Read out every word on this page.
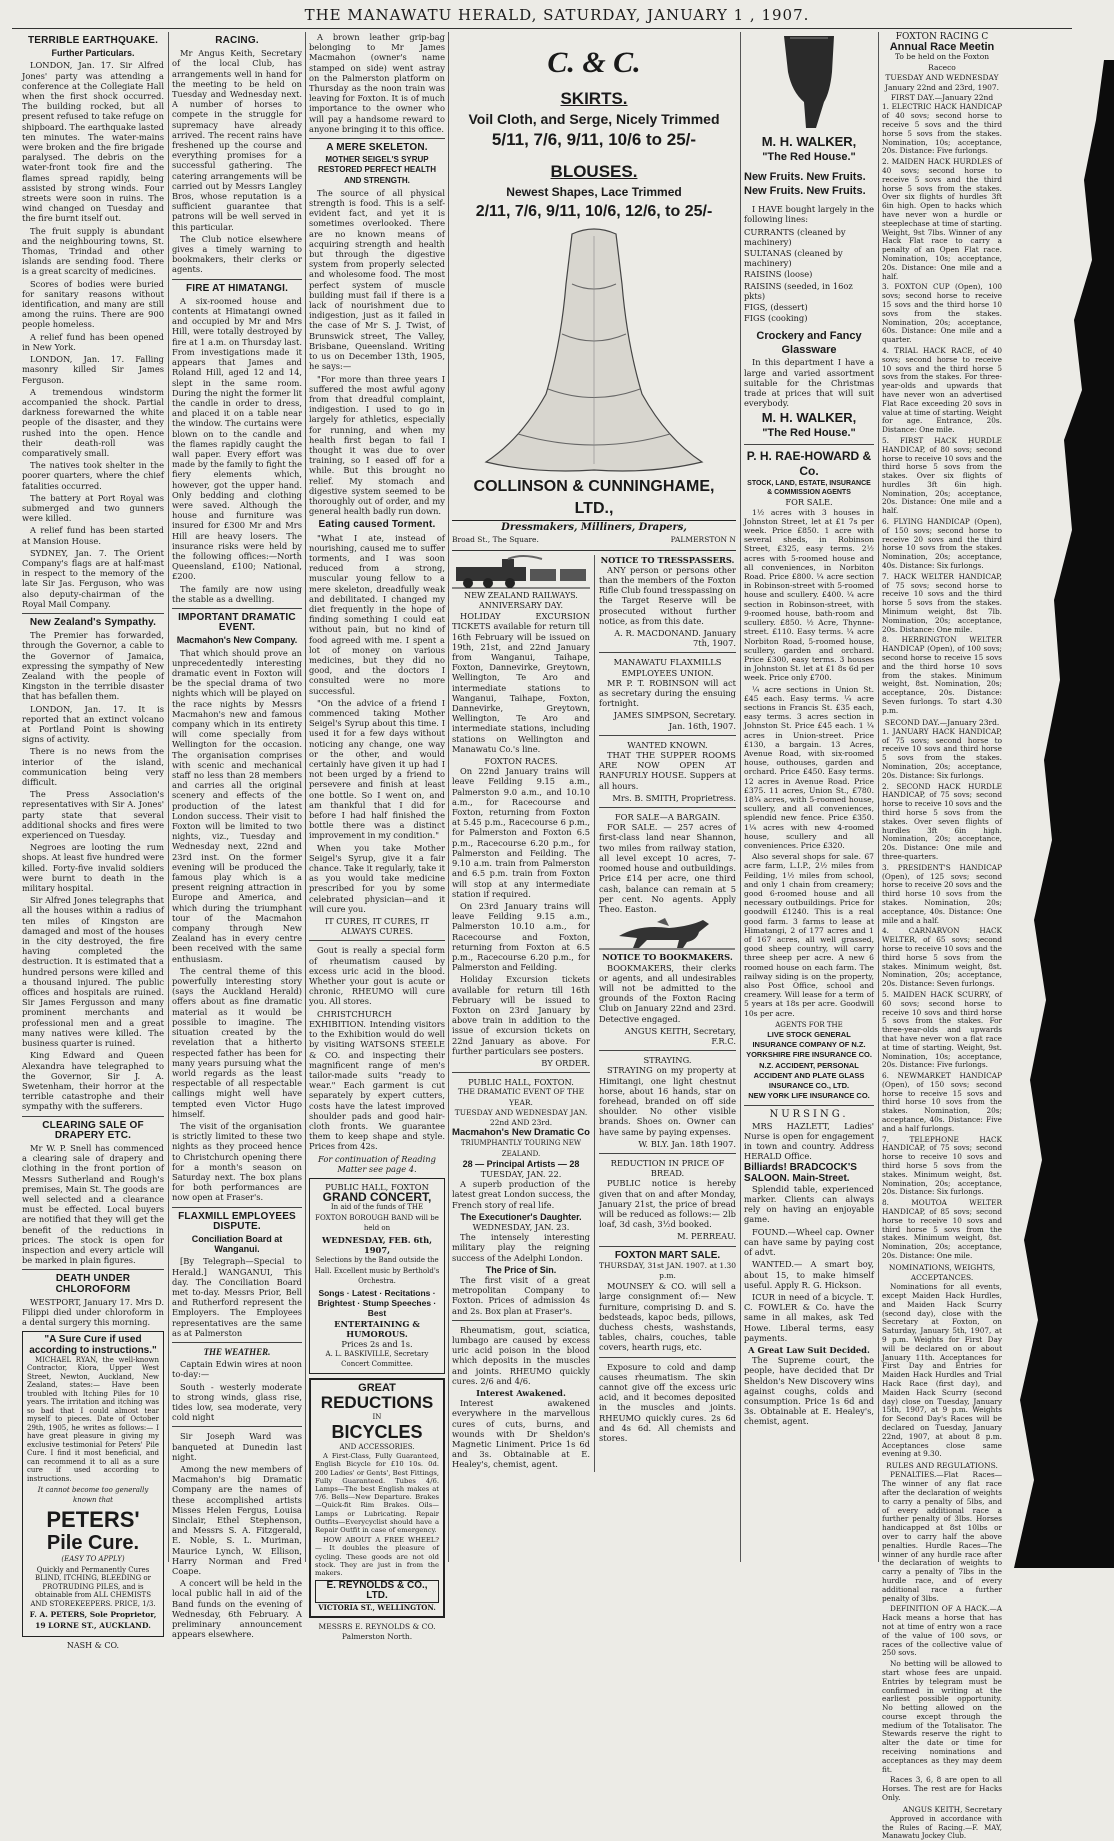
THE MANAWATU HERALD, SATURDAY, JANUARY 1 , 1907.
TERRIBLE EARTHQUAKE.
Further Particulars.

LONDON, Jan. 17. Sir Alfred Jones' party was attending a conference at the Collegiate Hall when the first shock occurred. The building rocked, but all present refused to take refuge on shipboard. The earthquake lasted ten minutes. The water-mains were broken and the fire brigade paralysed. The debris on the water-front took fire and the flames spread rapidly, being assisted by strong winds. Four streets were soon in ruins. The wind changed on Tuesday and the fire burnt itself out.

The fruit supply is abundant and the neighbouring towns, St. Thomas, Trindad and other islands are sending food. There is a great scarcity of medicines.

Scores of bodies were buried for sanitary reasons without identification, and many are still among the ruins. There are 900 people homeless.

A relief fund has been opened in New York.

LONDON, Jan. 17. Falling masonry killed Sir James Ferguson.

A tremendous windstorm accompanied the shock. Partial darkness forewarned the white people of the disaster, and they rushed into the open. Hence their death-roll was comparatively small.

The natives took shelter in the poorer quarters, where the chief fatalities occurred.

The battery at Port Royal was submerged and two gunners were killed.

A relief fund has been started at Mansion House.

SYDNEY, Jan. 7. The Orient Company's flags are at half-mast in respect to the memory of the late Sir Jas. Ferguson, who was also deputy-chairman of the Royal Mail Company.

New Zealand's Sympathy.

The Premier has forwarded, through the Governor, a cable to the Governor of Jamaica, expressing the sympathy of New Zealand with the people of Kingston in the terrible disaster that has befallen them.

LONDON, Jan. 17. It is reported that an extinct volcano at Portland Point is showing signs of activity.

There is no news from the interior of the island, communication being very difficult.

The Press Association's representatives with Sir A. Jones' party state that several additional shocks and fires were experienced on Tuesday.

Negroes are looting the rum shops. At least five hundred were killed. Forty-five invalid soldiers were burnt to death in the military hospital.

Sir Alfred Jones telegraphs that all the houses within a radius of ten miles of Kingston are damaged and most of the houses in the city destroyed, the fire having completed the destruction. It is estimated that a hundred persons were killed and a thousand injured. The public offices and hospitals are ruined. Sir James Fergusson and many prominent merchants and professional men and a great many natives were killed. The business quarter is ruined.

King Edward and Queen Alexandra have telegraphed to the Governor, Sir J. A. Swetenham, their horror at the terrible catastrophe and their sympathy with the sufferers.

CLEARING SALE OF DRAPERY ETC.

Mr W. P. Snell has commenced a clearing sale of drapery and clothing in the front portion of Messrs Sutherland and Rough's premises, Main St. The goods are well selected and a clearance must be effected. Local buyers are notified that they will get the benefit of the reductions in prices. The stock is open for inspection and every article will be marked in plain figures.

DEATH UNDER CHLOROFORM

WESTPORT, January 17. Mrs D. Filippi died under chloroform in a dental surgery this morning.

"A Sure Cure if used according to instructions."

MICHAEL RYAN, the well-known Contractor, Kiora, Upper West Street, Newton, Auckland, New Zealand, states:— Have been troubled with Itching Piles for 10 years. The irritation and itching was so bad that I could almost tear myself to pieces. Date of October 29th, 1905, he writes as follows:— I have great pleasure in giving my exclusive testimonial for Peters' Pile Cure. I find it most beneficial, and can recommend it to all as a sure cure if used according to instructions.

It cannot become too generally known that

PETERS'
Pile Cure.

(EASY TO APPLY)

Quickly and Permanently Cures BLIND, ITCHING, BLEEDING or PROTRUDING PILES, and is obtainable from ALL CHEMISTS AND STOREKEEPERS. PRICE, 1/3.

F. A. PETERS, Sole Proprietor, 19 LORNE ST., AUCKLAND.

NASH & CO.
RACING.

Mr Angus Keith, Secretary of the local Club, has arrangements well in hand for the meeting to be held on Tuesday and Wednesday next. A number of horses to compete in the struggle for supremacy have already arrived. The recent rains have freshened up the course and everything promises for a successful gathering. The catering arrangements will be carried out by Messrs Langley Bros, whose reputation is a sufficient guarantee that patrons will be well served in this particular.

The Club notice elsewhere gives a timely warning to bookmakers, their clerks or agents.

FIRE AT HIMATANGI.

A six-roomed house and contents at Himatangi owned and occupied by Mr and Mrs Hill, were totally destroyed by fire at 1 a.m. on Thursday last. From investigations made it appears that James and Roland Hill, aged 12 and 14, slept in the same room. During the night the former lit the candle in order to dress, and placed it on a table near the window. The curtains were blown on to the candle and the flames rapidly caught the wall paper. Every effort was made by the family to fight the fiery elements which, however, got the upper hand. Only bedding and clothing were saved. Although the house and furniture was insured for £300 Mr and Mrs Hill are heavy losers. The insurance risks were held by the following offices:—North Queensland, £100; National, £200.

The family are now using the stable as a dwelling.

IMPORTANT DRAMATIC EVENT.
Macmahon's New Company.

That which should prove an unprecedentedly interesting dramatic event in Foxton will be the special drama of two nights which will be played on the race nights by Messrs Macmahon's new and famous company which in its entirety will come specially from Wellington for the occasion. The organisation comprises with scenic and mechanical staff no less than 28 members and carries all the original scenery and effects of the production of the latest London success. Their visit to Foxton will be limited to two nights, viz., Tuesday and Wednesday next, 22nd and 23rd inst. On the former evening will be produced the famous play which is a present reigning attraction in Europe and America, and which during the triumphant tour of the Macmahon company through New Zealand has in every centre been received with the same enthusiasm.

The central theme of this powerfully interesting story (says the Auckland Herald) offers about as fine dramatic material as it would be possible to imagine. The situation created by the revelation that a hitherto respected father has been for many years pursuing what the world regards as the least respectable of all respectable callings might well have tempted even Victor Hugo himself.

The visit of the organisation is strictly limited to these two nights as they proceed hence to Christchurch opening there for a month's season on Saturday next. The box plans for both performances are now open at Fraser's.

FLAXMILL EMPLOYEES DISPUTE.
Conciliation Board at Wanganui.

[By Telegraph—Special to Herald.] WANGANUI, This day. The Conciliation Board met to-day. Messrs Prior, Bell and Rutherford represent the Employers. The Employees representatives are the same as at Palmerston

THE WEATHER.

Captain Edwin wires at noon to-day:—

South - westerly moderate to strong winds, glass rise, tides low, sea moderate, very cold night

Sir Joseph Ward was banqueted at Dunedin last night.

Among the new members of Macmahon's big Dramatic Company are the names of these accomplished artists Misses Helen Fergus, Louisa Sinclair, Ethel Stephenson, and Messrs S. A. Fitzgerald, E. Noble, S. L. Muriman, Maurice Lynch, W. Ellison, Harry Norman and Fred Coape.

A concert will be held in the local public hall in aid of the Band funds on the evening of Wednesday, 6th February. A preliminary announcement appears elsewhere.

A brown leather grip-bag belonging to Mr James Macmahon (owner's name stamped on side) went astray on the Palmerston platform on Thursday as the noon train was leaving for Foxton. It is of much importance to the owner who will pay a handsome reward to anyone bringing it to this office.

A MERE SKELETON.
MOTHER SEIGEL'S SYRUP RESTORED PERFECT HEALTH AND STRENGTH.

The source of all physical strength is food. This is a self-evident fact, and yet it is sometimes overlooked. There are no known means of acquiring strength and health but through the digestive system from properly selected and wholesome food. The most perfect system of muscle building must fail if there is a lack of nourishment due to indigestion, just as it failed in the case of Mr S. J. Twist, of Brunswick street, The Valley, Brisbane, Queensland. Writing to us on December 13th, 1905, he says:—

"For more than three years I suffered the most awful agony from that dreadful complaint, indigestion. I used to go in largely for athletics, especially for running, and when my health first began to fail I thought it was due to over training, so I eased off for a while. But this brought no relief. My stomach and digestive system seemed to be thoroughly out of order, and my general health badly run down.

Eating caused Torment.

"What I ate, instead of nourishing, caused me to suffer torments, and I was soon reduced from a strong, muscular young fellow to a mere skeleton, dreadfully weak and debilitated. I changed my diet frequently in the hope of finding something I could eat without pain, but no kind of food agreed with me. I spent a lot of money on various medicines, but they did no good, and the doctors I consulted were no more successful.

"On the advice of a friend I commenced taking Mother Seigel's Syrup about this time. I used it for a few days without noticing any change, one way or the other, and would certainly have given it up had I not been urged by a friend to persevere and finish at least one bottle. So I went on, and am thankful that I did for before I had half finished the bottle there was a distinct improvement in my condition."

When you take Mother Seigel's Syrup, give it a fair chance. Take it regularly, take it as you would take medicine prescribed for you by some celebrated physician—and it will cure you.

IT CURES, IT CURES, IT ALWAYS CURES.

Gout is really a special form of rheumatism caused by excess uric acid in the blood. Whether your gout is acute or chronic, RHEUMO will cure you. All stores.

CHRISTCHURCH EXHIBITION. Intending visitors to the Exhibition would do well by visiting WATSONS STEELE & CO. and inspecting their magnificent range of men's tailor-made suits "ready to wear." Each garment is cut separately by expert cutters, costs have the latest improved shoulder pads and good hair-cloth fronts. We guarantee them to keep shape and style. Prices from 42s.

For continuation of Reading Matter see page 4.

PUBLIC HALL, FOXTON
GRAND CONCERT,

In aid of the funds of THE FOXTON BOROUGH BAND will be held on

WEDNESDAY, FEB. 6th, 1907,

Selections by the Band outside the Hall. Excellent music by Berthold's Orchestra.

Songs · Latest · Recitations · Brightest · Stump Speeches · Best
ENTERTAINING & HUMOROUS.
Prices 2s and 1s.
A. L. BASKIVILLE, Secretary Concert Committee.
GREAT
REDUCTIONS
IN
BICYCLES
AND ACCESSORIES.

A First-Class, Fully Guaranteed, English Bicycle for £10 10s. 0d. 200 Ladies' or Gents', Best Fittings, Fully Guaranteed. Tubes 4/6. Lamps—The best English makes at 7/6. Bells—New Departure. Brakes—Quick-fit Rim Brakes. Oils—Lamps or Lubricating. Repair Outfits—Everycyclist should have a Repair Outfit in case of emergency.

HOW ABOUT A FREE WHEEL? — It doubles the pleasure of cycling. These goods are not old stock. They are just in from the makers.

E. REYNOLDS & CO., LTD.
VICTORIA ST., WELLINGTON.
MESSRS E. REYNOLDS & CO. Palmerston North.
C. & C.
SKIRTS.
Voil Cloth, and Serge, Nicely Trimmed
5/11, 7/6, 9/11, 10/6 to 25/-
BLOUSES.
Newest Shapes, Lace Trimmed
2/11, 7/6, 9/11, 10/6, 12/6, to 25/-
COLLINSON & CUNNINGHAME, LTD.,
Dressmakers, Milliners, Drapers,
Broad St., The Square.	PALMERSTON N
NEW ZEALAND RAILWAYS.
ANNIVERSARY DAY.

HOLIDAY EXCURSION TICKETS available for return till 16th February will be issued on 19th, 21st, and 22nd January from Wanganui, Taihape, Foxton, Dannevirke, Greytown, Wellington, Te Aro and intermediate stations to Wanganui, Taihape, Foxton, Dannevirke, Greytown, Wellington, Te Aro and intermediate stations, including stations on Wellington and Manawatu Co.'s line.

FOXTON RACES.

On 22nd January trains will leave Feilding 9.15 a.m., Palmerston 9.0 a.m., and 10.10 a.m., for Racecourse and Foxton, returning from Foxton at 5.45 p.m., Racecourse 6 p.m., for Palmerston and Foxton 6.5 p.m., Racecourse 6.20 p.m., for Palmerston and Feilding. The 9.10 a.m. train from Palmerston and 6.5 p.m. train from Foxton will stop at any intermediate station if required.

On 23rd January trains will leave Feilding 9.15 a.m., Palmerston 10.10 a.m., for Racecourse and Foxton, returning from Foxton at 6.5 p.m., Racecourse 6.20 p.m., for Palmerston and Feilding.

Holiday Excursion tickets available for return till 16th February will be issued to Foxton on 23rd January by above train in addition to the issue of excursion tickets on 22nd January as above. For further particulars see posters.

BY ORDER.
PUBLIC HALL, FOXTON.
THE DRAMATIC EVENT OF THE YEAR.
TUESDAY AND WEDNESDAY JAN. 22nd AND 23rd.
Macmahon's New Dramatic Co
TRIUMPHANTLY TOURING NEW ZEALAND.
28 — Principal Artists — 28
TUESDAY, JAN. 22.

A superb production of the latest great London success, the French story of real life.

The Executioner's Daughter.
WEDNESDAY, JAN. 23.

The intensely interesting military play the reigning success of the Adelphi London.

The Price of Sin.

The first visit of a great metropolitan Company to Foxton. Prices of admission 4s and 2s. Box plan at Fraser's.

Rheumatism, gout, sciatica, lumbago are caused by excess uric acid poison in the blood which deposits in the muscles and joints. RHEUMO quickly cures. 2/6 and 4/6.

Interest Awakened.

Interest awakened everywhere in the marvellous cures of cuts, burns, and wounds with Dr Sheldon's Magnetic Liniment. Price 1s 6d and 3s. Obtainable at E. Healey's, chemist, agent.

NOTICE TO TRESSPASSERS.

ANY person or persons other than the members of the Foxton Rifle Club found tresspassing on the Target Reserve will be prosecuted without further notice, as from this date.

A. R. MACDONAND. January 7th, 1907.
MANAWATU FLAXMILLS EMPLOYEES UNION.

MR P. T. ROBINSON will act as secretary during the ensuing fortnight.

JAMES SIMPSON, Secretary. Jan. 16th, 1907.
WANTED KNOWN.

THAT THE SUPPER ROOMS ARE NOW OPEN AT RANFURLY HOUSE. Suppers at all hours.

Mrs. B. SMITH, Proprietress.
FOR SALE—A BARGAIN.

FOR SALE. — 257 acres of first-class land near Shannon, two miles from railway station, all level except 10 acres, 7-roomed house and outbuildings. Price £14 per acre, one third cash, balance can remain at 5 per cent. No agents. Apply Theo. Easton.

NOTICE TO BOOKMAKERS.

BOOKMAKERS, their clerks or agents, and all undesirables will not be admitted to the grounds of the Foxton Racing Club on January 22nd and 23rd. Detective engaged.

ANGUS KEITH, Secretary, F.R.C.
STRAYING.

STRAYING on my property at Himitangi, one light chestnut horse, about 16 hands, star on forehead, branded on off side shoulder. No other visible brands. Shoes on. Owner can have same by paying expenses.

W. BLY. Jan. 18th 1907.
REDUCTION IN PRICE OF BREAD.

PUBLIC notice is hereby given that on and after Monday, January 21st, the price of bread will be reduced as follows:— 2lb loaf, 3d cash, 3½d booked.

M. PERREAU.
FOXTON MART SALE.
THURSDAY, 31st JAN. 1907. at 1.30 p.m.

MOUNSEY & CO. will sell a large consignment of:— New furniture, comprising D. and S. bedsteads, kapoc beds, pillows, duchess chests, washstands, tables, chairs, couches, table covers, hearth rugs, etc.

Exposure to cold and damp causes rheumatism. The skin cannot give off the excess uric acid, and it becomes deposited in the muscles and joints. RHEUMO quickly cures. 2s 6d and 4s 6d. All chemists and stores.

M. H. WALKER,
"The Red House."
New Fruits. New Fruits. New Fruits. New Fruits.

I HAVE bought largely in the following lines:

CURRANTS (cleaned by machinery)
SULTANAS (cleaned by machinery)
RAISINS (loose)
RAISINS (seeded, in 16oz pkts)
FIGS, (dessert)
FIGS (cooking)
Crockery and Fancy Glassware

In this department I have a large and varied assortment suitable for the Christmas trade at prices that will suit everybody.

M. H. WALKER,
"The Red House."
P. H. RAE-HOWARD & Co.
STOCK, LAND, ESTATE, INSURANCE & COMMISSION AGENTS
FOR SALE.

1½ acres with 3 houses in Johnston Street, let at £1 7s per week. Price £850. 1 acre with several sheds, in Robinson Street, £325, easy terms. 2½ acres with 5-roomed house and all conveniences, in Norbiton Road. Price £800. ¼ acre section in Robinson-street with 5-roomed house and scullery. £400. ¼ acre section in Robinson-street, with 9-roomed house, bath-room and scullery. £850. ½ Acre, Thynne-street. £110. Easy terms. ¼ acre Norbiton Road, 5-roomed house, scullery, garden and orchard. Price £300, easy terms. 3 houses in Johnston St. let at £1 8s 6d per week. Price only £700.

¼ acre sections in Union St. £45 each. Easy terms. ¼ acre sections in Francis St. £35 each, easy terms. 3 acres section in Johnston St. Price £45 each. 1 ¼ acres in Union-street. Price £130, a bargain. 13 Acres, Avenue Road, with six-roomed house, outhouses, garden and orchard. Price £450. Easy terms. 12 acres in Avenue Road. Price £375. 11 acres, Union St., £780. 18¾ acres, with 5-roomed house, scullery, and all conveniences, splendid new fence. Price £350. 1¼ acres with new 4-roomed house, scullery and all conveniences. Price £320.

Also several shops for sale. 67 acre farm, L.I.P., 2½ miles from Feilding, 1½ miles from school, and only 1 chain from creamery; good 6-roomed house and all necessary outbuildings. Price for goodwill £1240. This is a real good farm. 3 farms to lease at Himatangi, 2 of 177 acres and 1 of 167 acres, all well grassed, good sheep country, will carry three sheep per acre. A new 6 roomed house on each farm. The railway siding is on the property, also Post Office, school and creamery. Will lease for a term of 5 years at 18s per acre. Goodwill 10s per acre.

AGENTS FOR THE
LIVE STOCK GENERAL INSURANCE COMPANY OF N.Z.
YORKSHIRE FIRE INSURANCE CO.
N.Z. ACCIDENT, PERSONAL ACCIDENT AND PLATE GLASS INSURANCE CO., LTD.
NEW YORK LIFE INSURANCE CO.
NURSING.

MRS HAZLETT, Ladies' Nurse is open for engagement in town and country. Address HERALD Office.

Billiards! BRADCOCK'S SALOON. Main-Street.

Splendid table, experienced marker. Clients can always rely on having an enjoyable game.

FOUND.—Wheel cap. Owner can have same by paying cost of advt.

WANTED.— A smart boy, about 15, to make himself useful. Apply R. G. Hickson.

ICUR in need of a bicycle. T. C. FOWLER & Co. have the same in all makes, ask Ted Howe. Liberal terms, easy payments.

A Great Law Suit Decided.

The Supreme court, the people, have decided that Dr Sheldon's New Discovery wins against coughs, colds and consumption. Price 1s 6d and 3s. Obtainable at E. Healey's, chemist, agent.

FOXTON RACING C
Annual Race Meetin
To be held on the Foxton Raceco
TUESDAY AND WEDNESDAY January 22nd and 23rd, 1907.
FIRST DAY.—January 22nd

1. ELECTRIC HACK HANDICAP of 40 sovs; second horse to receive 5 sovs and the third horse 5 sovs from the stakes. Nomination, 10s; acceptance, 20s. Distance: Five furlongs.

2. MAIDEN HACK HURDLES of 40 sovs; second horse to receive 5 sovs and the third horse 5 sovs from the stakes. Over six flights of hurdles 3ft 6in high. Open to hacks which have never won a hurdle or steeplechase at time of starting. Weight, 9st 7lbs. Winner of any Hack Flat race to carry a penalty of an Open Flat race. Nomination, 10s; acceptance, 20s. Distance: One mile and a half.

3. FOXTON CUP (Open), 100 sovs; second horse to receive 15 sovs and the third horse 10 sovs from the stakes. Nomination, 20s; acceptance, 60s. Distance: One mile and a quarter.

4. TRIAL HACK RACE, of 40 sovs; second horse to receive 10 sovs and the third horse 5 sovs from the stakes. For three-year-olds and upwards that have never won an advertised Flat Race exceeding 20 sovs in value at time of starting. Weight for age. Entrance, 20s. Distance: One mile.

5. FIRST HACK HURDLE HANDICAP, of 80 sovs; second horse to receive 10 sovs and the third horse 5 sovs from the stakes. Over six flights of hurdles 3ft 6in high. Nomination, 20s; acceptance, 20s. Distance: One mile and a half.

6. FLYING HANDICAP (Open), of 150 sovs; second horse to receive 20 sovs and the third horse 10 sovs from the stakes. Nomination, 20s; acceptance, 40s. Distance: Six furlongs.

7. HACK WELTER HANDICAP, of 75 sovs; second horse to receive 10 sovs and the third horse 5 sovs from the stakes. Minimum weight, 8st 7lb. Nomination, 20s; acceptance, 20s. Distance: One mile.

8. HERRINGTON WELTER HANDICAP (Open), of 100 sovs; second horse to receive 15 sovs and the third horse 10 sovs from the stakes. Minimum weight, 8st. Nomination, 20s; acceptance, 20s. Distance: Seven furlongs. To start 4.30 p.m.

SECOND DAY.—January 23rd.

1. JANUARY HACK HANDICAP, of 75 sovs; second horse to receive 10 sovs and third horse 5 sovs from the stakes. Nomination, 20s; acceptance, 20s. Distance: Six furlongs.

2. SECOND HACK HURDLE HANDICAP, of 75 sovs; second horse to receive 10 sovs and the third horse 5 sovs from the stakes. Over seven flights of hurdles 3ft 6in high. Nomination, 20s; acceptance, 20s. Distance: One mile and three-quarters.

3. PRESIDENT'S HANDICAP (Open), of 125 sovs; second horse to receive 20 sovs and the third horse 10 sovs from the stakes. Nomination, 20s; acceptance, 40s. Distance: One mile and a half.

4. CARNARVON HACK WELTER, of 65 sovs; second horse to receive 10 sovs and the third horse 5 sovs from the stakes. Minimum weight, 8st. Nomination, 20s; acceptance, 20s. Distance: Seven furlongs.

5. MAIDEN HACK SCURRY, of 60 sovs; second horse to receive 10 sovs and third horse 5 sovs from the stakes. For three-year-olds and upwards that have never won a flat race at time of starting. Weight, 9st. Nomination, 10s; acceptance, 20s. Distance: Five furlongs.

6. NEWMARKET HANDICAP (Open), of 150 sovs; second horse to receive 15 sovs and third horse 10 sovs from the stakes. Nomination, 20s; acceptance, 40s. Distance: Five and a half furlongs.

7. TELEPHONE HACK HANDICAP, of 75 sovs; second horse to receive 10 sovs and third horse 5 sovs from the stakes. Minimum weight, 8st. Nomination, 20s; acceptance, 20s. Distance: Six furlongs.

8. MOUTOA WELTER HANDICAP, of 85 sovs; second horse to receive 10 sovs and third horse 5 sovs from the stakes. Minimum weight, 8st. Nomination, 20s; acceptance, 20s. Distance: One mile.

NOMINATIONS, WEIGHTS, ACCEPTANCES.

Nominations for all events, except Maiden Hack Hurdles, and Maiden Hack Scurry (second day), close with the Secretary at Foxton, on Saturday, January 5th, 1907, at 9 p.m. Weights for First Day will be declared on or about January 11th. Acceptances for First Day and Entries for Maiden Hack Hurdles and Trial Hack Race (first day), and Maiden Hack Scurry (second day) close on Tuesday, January 15th, 1907, at 9 p.m. Weights for Second Day's Races will be declared on Tuesday, January 22nd, 1907, at about 8 p.m. Acceptances close same evening at 9.30.

RULES AND REGULATIONS.

PENALTIES.—Flat Races—The winner of any flat race after the declaration of weights to carry a penalty of 5lbs, and of every additional race a further penalty of 3lbs. Horses handicapped at 8st 10lbs or over to carry half the above penalties. Hurdle Races—The winner of any hurdle race after the declaration of weights to carry a penalty of 7lbs in the hurdle race, and of every additional race a further penalty of 3lbs.

DEFINITION OF A HACK.—A Hack means a horse that has not at time of entry won a race of the value of 100 sovs, or races of the collective value of 250 sovs.

No betting will be allowed to start whose fees are unpaid. Entries by telegram must be confirmed in writing at the earliest possible opportunity. No betting allowed on the course except through the medium of the Totalisator. The Stewards reserve the right to alter the date or time for receiving nominations and acceptances as they may deem fit.

Races 3, 6, 8 are open to all Horses. The rest are for Hacks Only.

ANGUS KEITH, Secretary

Approved in accordance with the Rules of Racing.—F. MAY, Manawatu Jockey Club.
